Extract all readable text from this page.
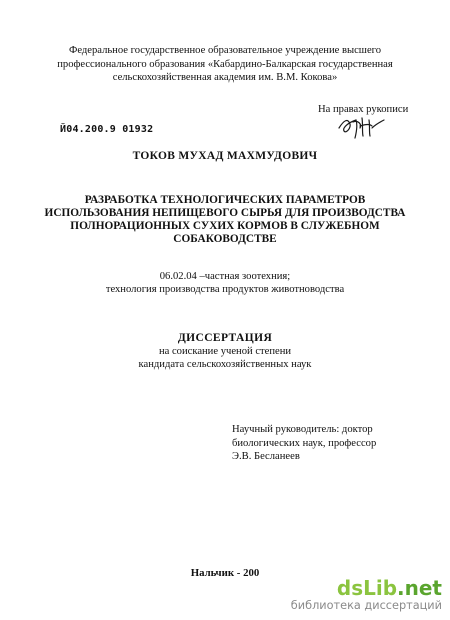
Федеральное государственное образовательное учреждение высшего
профессионального образования «Кабардино-Балкарская государственная
сельскохозяйственная академия им. В.М. Кокова»
На правах рукописи
Й04.200.9 01932
ТОКОВ МУХАД МАХМУДОВИЧ
РАЗРАБОТКА ТЕХНОЛОГИЧЕСКИХ ПАРАМЕТРОВ
ИСПОЛЬЗОВАНИЯ НЕПИЩЕВОГО СЫРЬЯ ДЛЯ ПРОИЗВОДСТВА
ПОЛНОРАЦИОННЫХ СУХИХ КОРМОВ В СЛУЖЕБНОМ
СОБАКОВОДСТВЕ
06.02.04 –частная зоотехния;
технология производства продуктов животноводства
ДИССЕРТАЦИЯ
на соискание ученой степени
кандидата сельскохозяйственных наук
Научный руководитель: доктор
биологических наук, профессор
Э.В. Бесланеев
Нальчик - 200
dsLib.net
библиотека диссертаций
